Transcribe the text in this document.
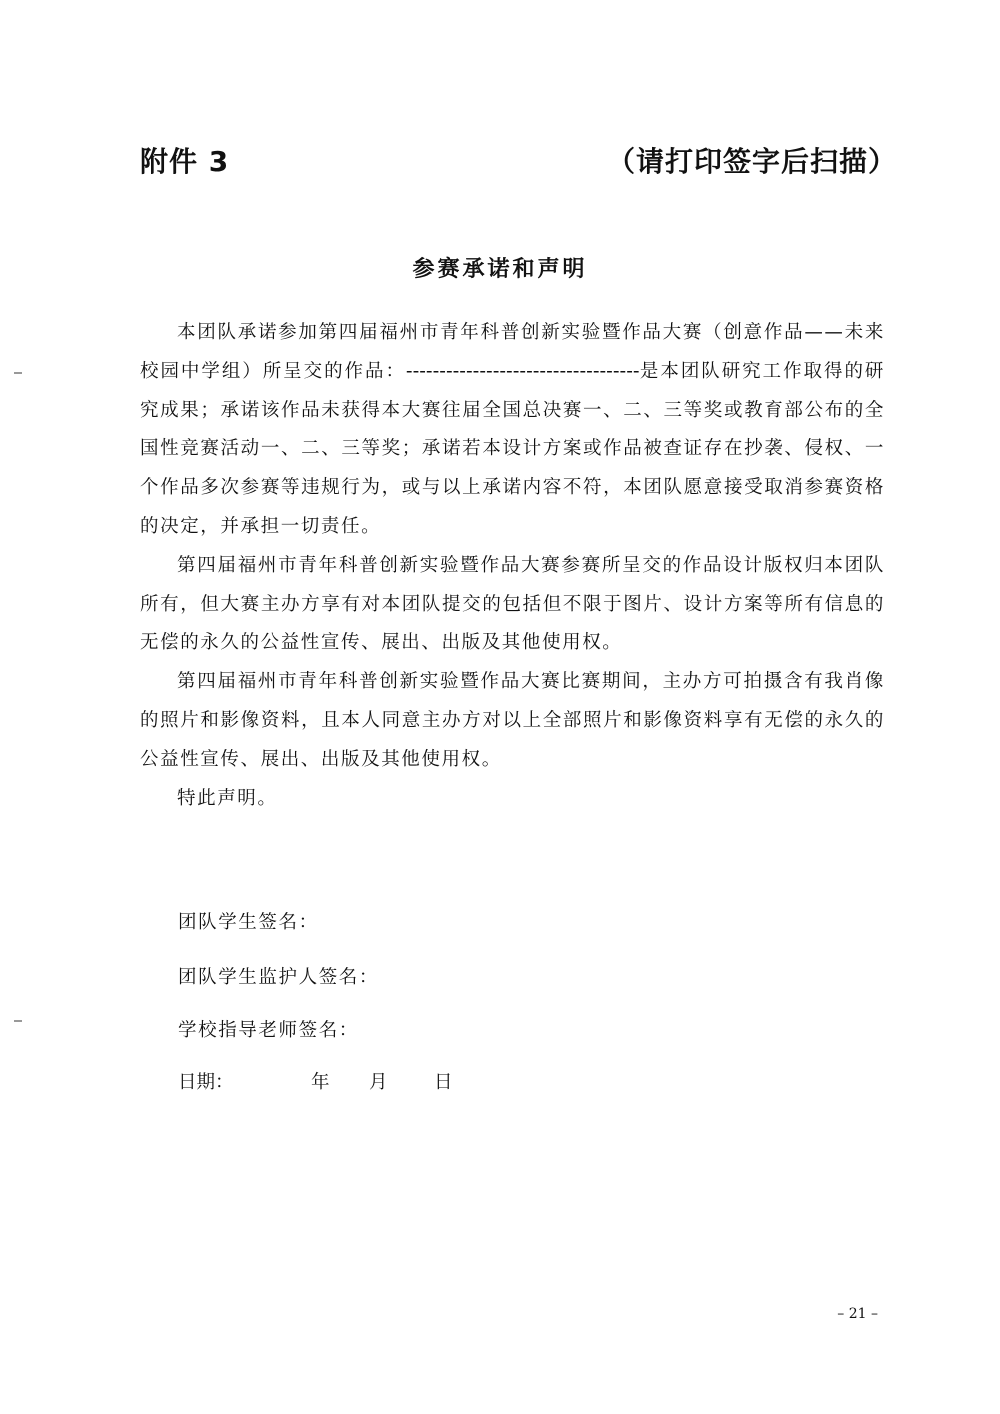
附件 3	（请打印签字后扫描）
参赛承诺和声明

本团队承诺参加第四届福州市青年科普创新实验暨作品大赛（创意作品——未来校园中学组）所呈交的作品：-----------------------------------是本团队研究工作取得的研究成果；承诺该作品未获得本大赛往届全国总决赛一、二、三等奖或教育部公布的全国性竞赛活动一、二、三等奖；承诺若本设计方案或作品被查证存在抄袭、侵权、一个作品多次参赛等违规行为，或与以上承诺内容不符，本团队愿意接受取消参赛资格的决定，并承担一切责任。

第四届福州市青年科普创新实验暨作品大赛参赛所呈交的作品设计版权归本团队所有，但大赛主办方享有对本团队提交的包括但不限于图片、设计方案等所有信息的无偿的永久的公益性宣传、展出、出版及其他使用权。

第四届福州市青年科普创新实验暨作品大赛比赛期间，主办方可拍摄含有我肖像的照片和影像资料，且本人同意主办方对以上全部照片和影像资料享有无偿的永久的公益性宣传、展出、出版及其他使用权。

特此声明。

团队学生签名：
团队学生监护人签名：
学校指导老师签名：
日期：	年 月	日
– 21 –
